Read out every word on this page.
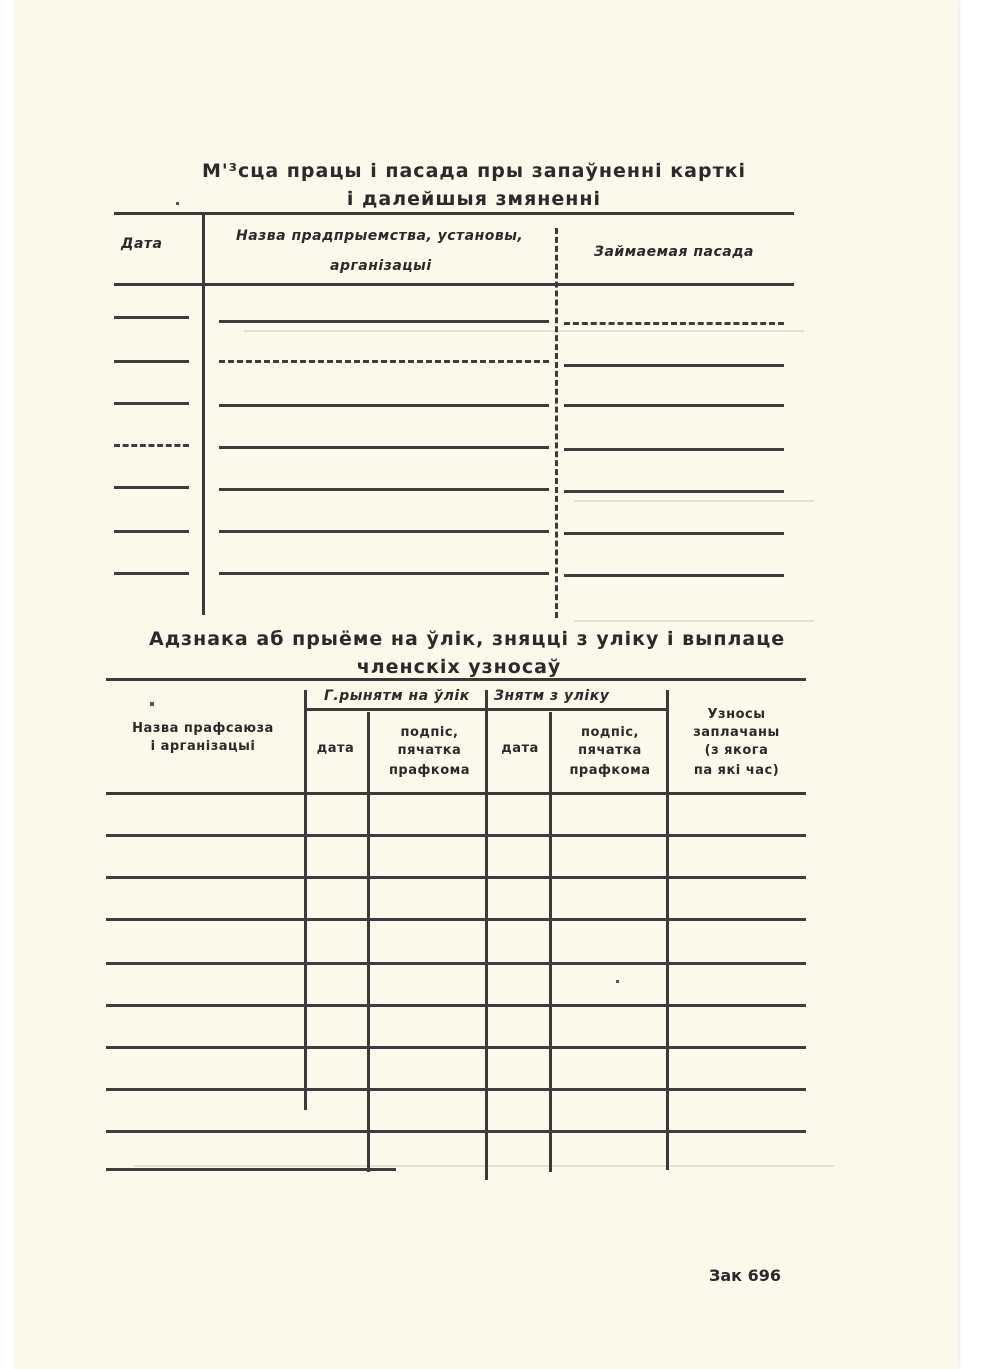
М'³сца працы і пасада пры запаўненні карткі
і далейшыя змяненні
Дата	Назва прадпрыемства, установы,
арганізацыі
Займаемая пасада
Адзнака аб прыёме на ўлік, зняцці з уліку і выплаце
членскіх узносаў
Г.рынятм на ўлік Знятм з уліку
Назва прафсаюза
і арганізацыі	дата
подпіс,
пячатка
прафкома
дата
подпіс,
пячатка
прафкома
Узносы
заплачаны
(з якога
па які час)
Зак 696
